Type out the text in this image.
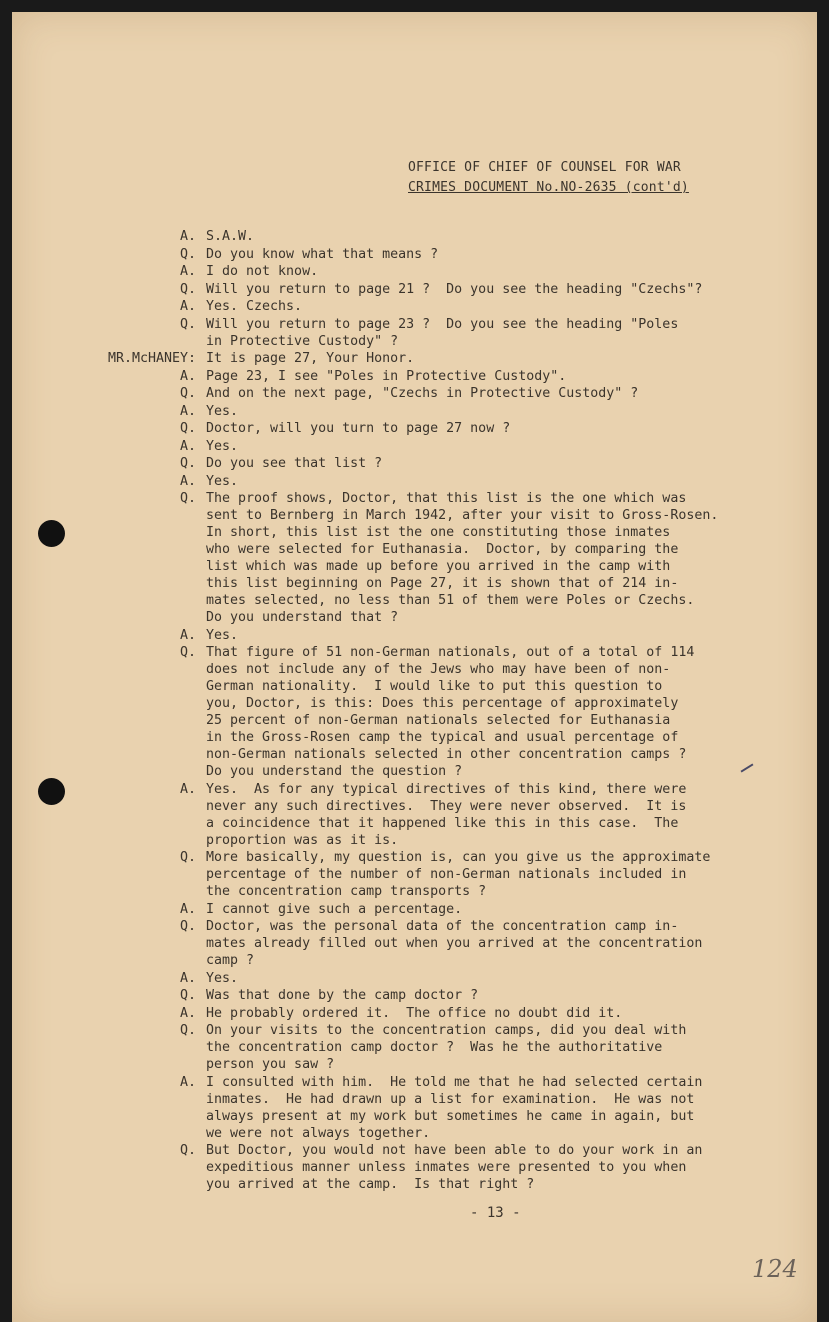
OFFICE OF CHIEF OF COUNSEL FOR WAR
CRIMES DOCUMENT No.NO-2635 (cont'd)
A. S.A.W.
Q. Do you know what that means ?
A. I do not know.
Q. Will you return to page 21 ?  Do you see the heading "Czechs"?
A. Yes. Czechs.
Q. Will you return to page 23 ?  Do you see the heading "Poles
in Protective Custody" ?
MR.McHANEY: It is page 27, Your Honor.
A. Page 23, I see "Poles in Protective Custody".
Q. And on the next page, "Czechs in Protective Custody" ?
A. Yes.
Q. Doctor, will you turn to page 27 now ?
A. Yes.
Q. Do you see that list ?
A. Yes.
Q. The proof shows, Doctor, that this list is the one which was
sent to Bernberg in March 1942, after your visit to Gross-Rosen.
In short, this list ist the one constituting those inmates
who were selected for Euthanasia.  Doctor, by comparing the
list which was made up before you arrived in the camp with
this list beginning on Page 27, it is shown that of 214 in-
mates selected, no less than 51 of them were Poles or Czechs.
Do you understand that ?
A. Yes.
Q. That figure of 51 non-German nationals, out of a total of 114
does not include any of the Jews who may have been of non-
German nationality.  I would like to put this question to
you, Doctor, is this: Does this percentage of approximately
25 percent of non-German nationals selected for Euthanasia
in the Gross-Rosen camp the typical and usual percentage of
non-German nationals selected in other concentration camps ?
Do you understand the question ?
A. Yes.  As for any typical directives of this kind, there were
never any such directives.  They were never observed.  It is
a coincidence that it happened like this in this case.  The
proportion was as it is.
Q. More basically, my question is, can you give us the approximate
percentage of the number of non-German nationals included in
the concentration camp transports ?
A. I cannot give such a percentage.
Q. Doctor, was the personal data of the concentration camp in-
mates already filled out when you arrived at the concentration
camp ?
A. Yes.
Q. Was that done by the camp doctor ?
A. He probably ordered it.  The office no doubt did it.
Q. On your visits to the concentration camps, did you deal with
the concentration camp doctor ?  Was he the authoritative
person you saw ?
A. I consulted with him.  He told me that he had selected certain
inmates.  He had drawn up a list for examination.  He was not
always present at my work but sometimes he came in again, but
we were not always together.
Q. But Doctor, you would not have been able to do your work in an
expeditious manner unless inmates were presented to you when
you arrived at the camp.  Is that right ?
- 13 -
124
